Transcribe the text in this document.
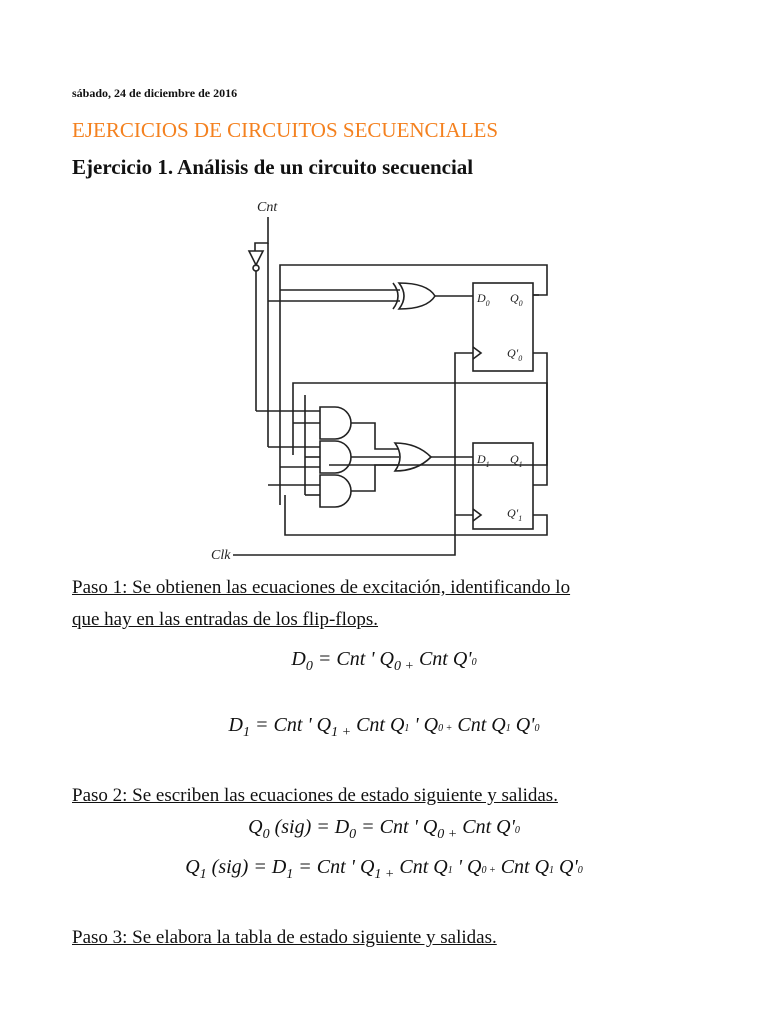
sábado, 24 de diciembre de 2016
EJERCICIOS DE CIRCUITOS SECUENCIALES
Ejercicio 1. Análisis de un circuito secuencial
Cnt
Clk
$D_0$ $Q_0$
$Q'_0$
$D_1$ $Q_1$
$Q'_1$
Paso 1: Se obtienen las ecuaciones de excitación, identificando lo
que hay en las entradas de los flip-flops.
$D_0$ = Cnt ' $Q_{0 +}$ Cnt Q'0
$D_1$ = Cnt ' $Q_{1 +}$ Cnt Q1 ' Q0 + Cnt Q1 Q'0
Paso 2: Se escriben las ecuaciones de estado siguiente y salidas.
$Q_0$ $(sig) = D_0$ = Cnt ' $Q_{0 +}$ Cnt Q'0
$Q_1$ $(sig) = D_1$ = Cnt ' $Q_{1 +}$ Cnt Q1 ' Q0 + Cnt Q1 Q'0
Paso 3: Se elabora la tabla de estado siguiente y salidas.
